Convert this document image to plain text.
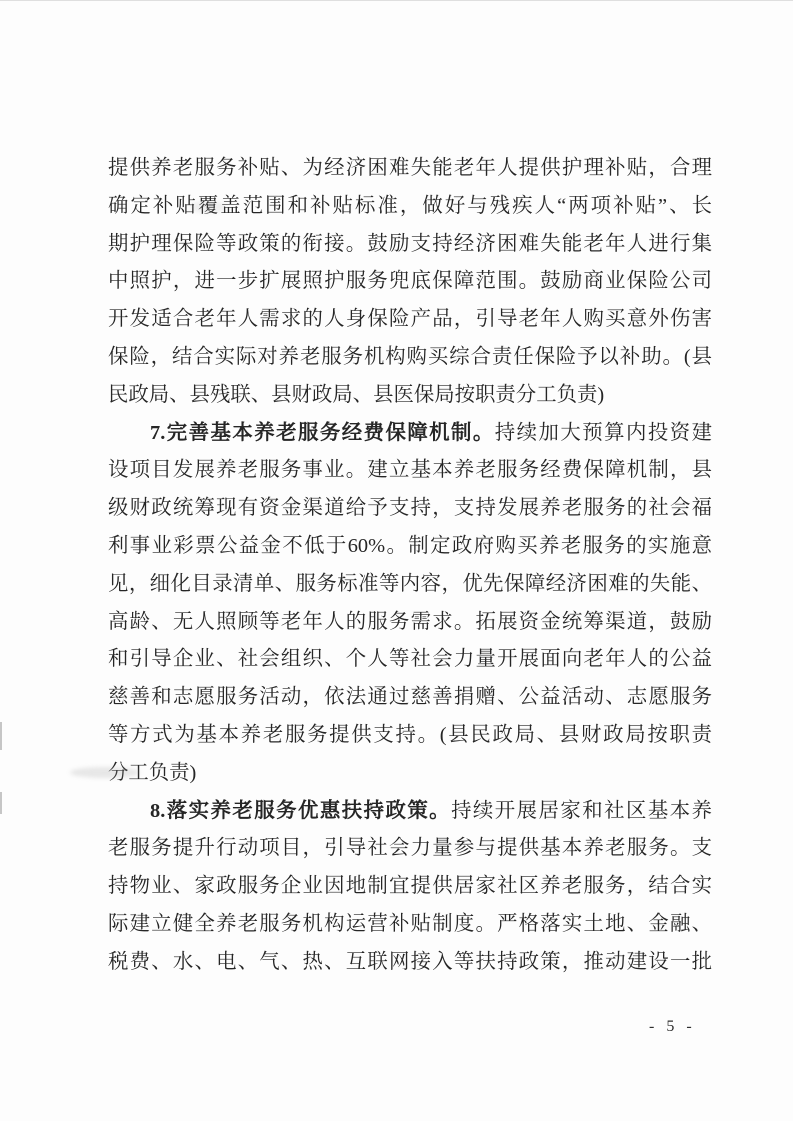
提供养老服务补贴、为经济困难失能老年人提供护理补贴，合理
确定补贴覆盖范围和补贴标准，做好与残疾人“两项补贴”、长
期护理保险等政策的衔接。鼓励支持经济困难失能老年人进行集
中照护，进一步扩展照护服务兜底保障范围。鼓励商业保险公司
开发适合老年人需求的人身保险产品，引导老年人购买意外伤害
保险，结合实际对养老服务机构购买综合责任保险予以补助。(县
民政局、县残联、县财政局、县医保局按职责分工负责)
7.完善基本养老服务经费保障机制。持续加大预算内投资建
设项目发展养老服务事业。建立基本养老服务经费保障机制，县
级财政统筹现有资金渠道给予支持，支持发展养老服务的社会福
利事业彩票公益金不低于60%。制定政府购买养老服务的实施意
见，细化目录清单、服务标准等内容，优先保障经济困难的失能、
高龄、无人照顾等老年人的服务需求。拓展资金统筹渠道，鼓励
和引导企业、社会组织、个人等社会力量开展面向老年人的公益
慈善和志愿服务活动，依法通过慈善捐赠、公益活动、志愿服务
等方式为基本养老服务提供支持。(县民政局、县财政局按职责
分工负责)
8.落实养老服务优惠扶持政策。持续开展居家和社区基本养
老服务提升行动项目，引导社会力量参与提供基本养老服务。支
持物业、家政服务企业因地制宜提供居家社区养老服务，结合实
际建立健全养老服务机构运营补贴制度。严格落实土地、金融、
税费、水、电、气、热、互联网接入等扶持政策，推动建设一批
- 5 -
